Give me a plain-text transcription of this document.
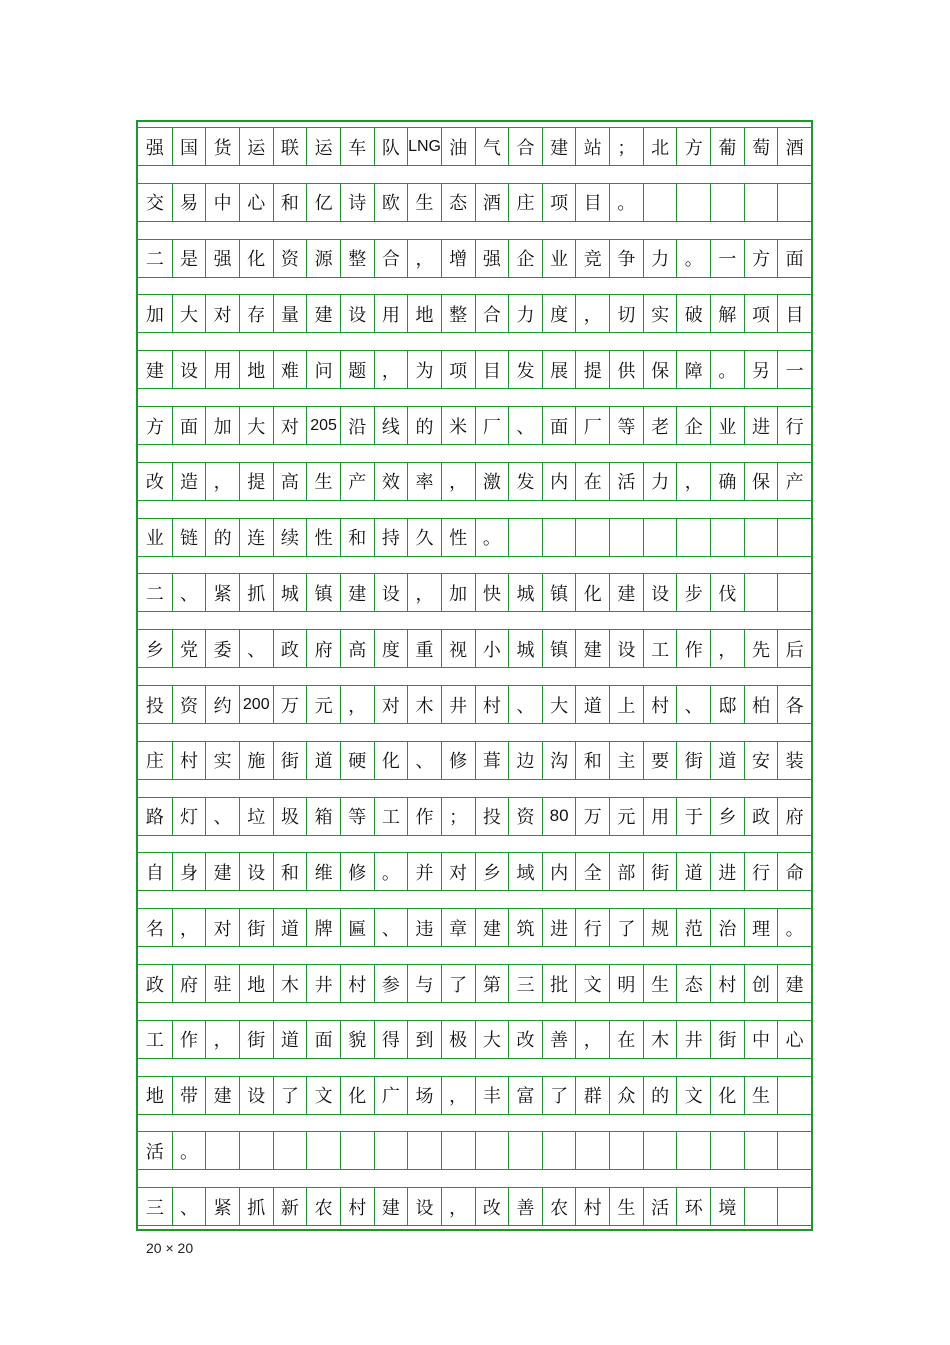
强 国 货 运 联 运 车 队 LNG 油 气 合 建 站 ； 北 方 葡 萄 酒
交 易 中 心 和 亿 诗 欧 生 态 酒 庄 项 目 。
二 是 强 化 资 源 整 合 ， 增 强 企 业 竞 争 力 。 一 方 面
加 大 对 存 量 建 设 用 地 整 合 力 度 ， 切 实 破 解 项 目
建 设 用 地 难 问 题 ， 为 项 目 发 展 提 供 保 障 。 另 一
方 面 加 大 对 205 沿 线 的 米 厂 、 面 厂 等 老 企 业 进 行
改 造 ， 提 高 生 产 效 率 ， 激 发 内 在 活 力 ， 确 保 产
业 链 的 连 续 性 和 持 久 性 。
二 、 紧 抓 城 镇 建 设 ， 加 快 城 镇 化 建 设 步 伐
乡 党 委 、 政 府 高 度 重 视 小 城 镇 建 设 工 作 ， 先 后
投 资 约 200 万 元 ， 对 木 井 村 、 大 道 上 村 、 邸 柏 各
庄 村 实 施 街 道 硬 化 、 修 葺 边 沟 和 主 要 街 道 安 装
路 灯 、 垃 圾 箱 等 工 作 ； 投 资 80 万 元 用 于 乡 政 府
自 身 建 设 和 维 修 。 并 对 乡 域 内 全 部 街 道 进 行 命
名 ， 对 街 道 牌 匾 、 违 章 建 筑 进 行 了 规 范 治 理 。
政 府 驻 地 木 井 村 参 与 了 第 三 批 文 明 生 态 村 创 建
工 作 ， 街 道 面 貌 得 到 极 大 改 善 ， 在 木 井 街 中 心
地 带 建 设 了 文 化 广 场 ， 丰 富 了 群 众 的 文 化 生
活 。
三 、 紧 抓 新 农 村 建 设 ， 改 善 农 村 生 活 环 境
20 × 20
